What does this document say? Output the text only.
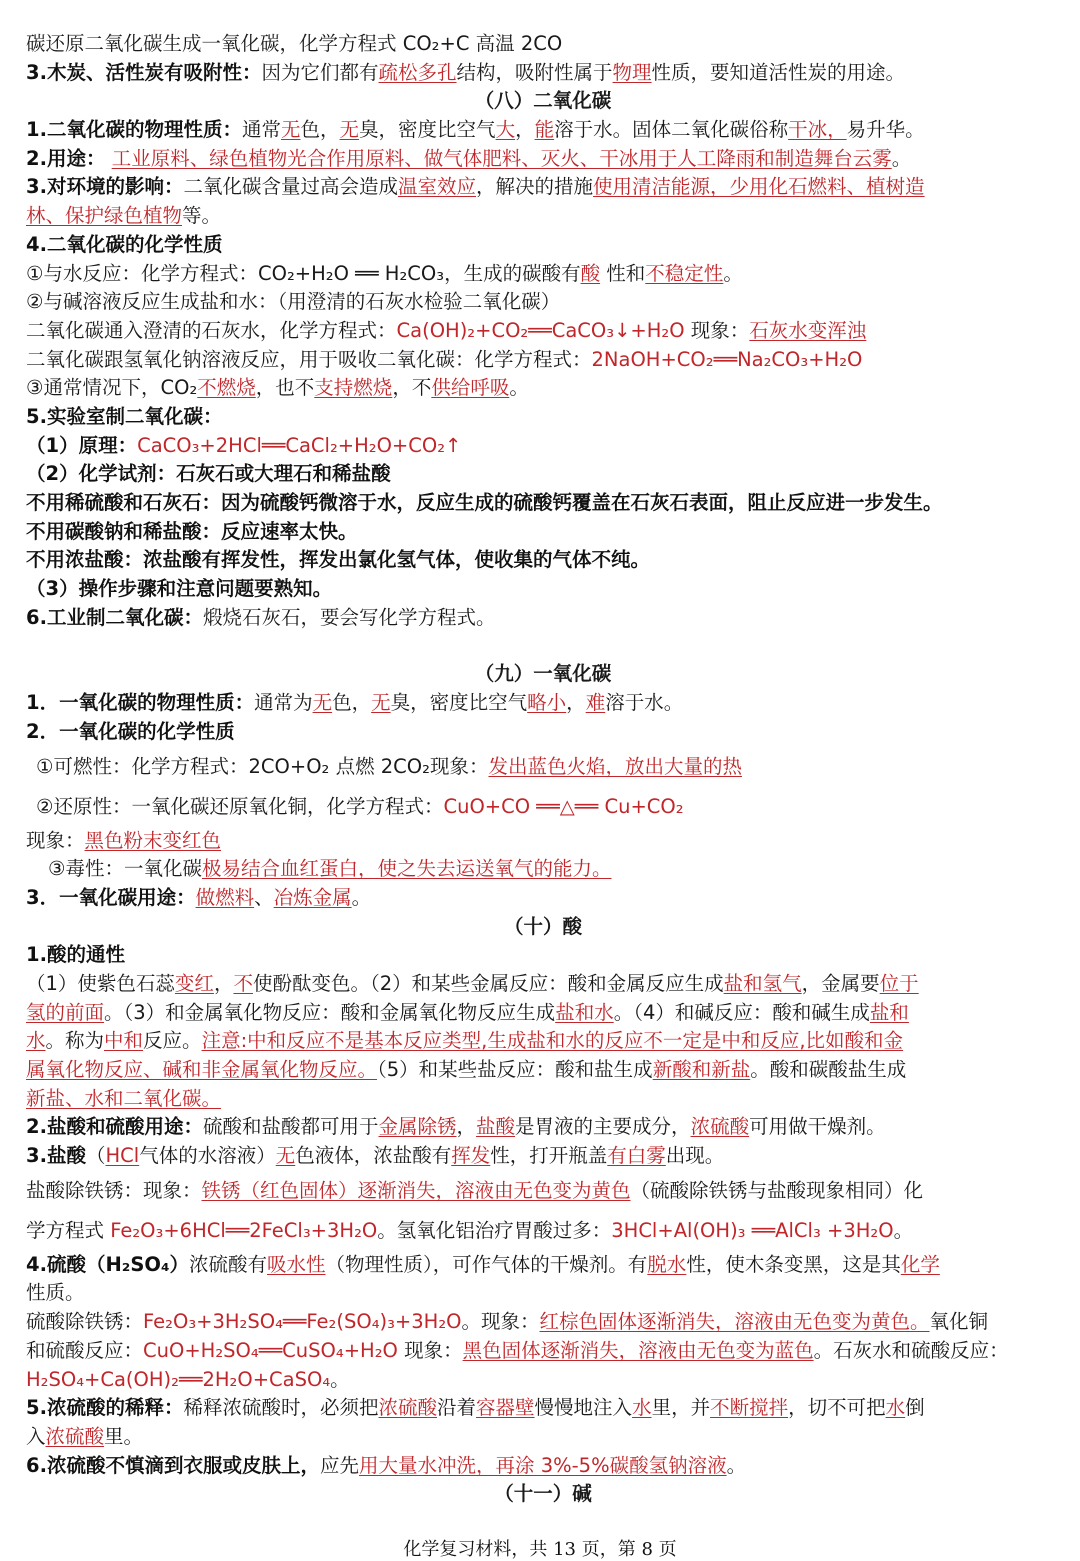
碳还原二氧化碳生成一氧化碳，化学方程式 CO₂+C 高温 2CO
3.木炭、活性炭有吸附性：因为它们都有疏松多孔结构，吸附性属于物理性质，要知道活性炭的用途。
（八）二氧化碳
1.二氧化碳的物理性质：通常无色，无臭，密度比空气大，能溶于水。固体二氧化碳俗称干冰，易升华。
2.用途： 工业原料、绿色植物光合作用原料、做气体肥料、灭火、干冰用于人工降雨和制造舞台云雾。
3.对环境的影响：二氧化碳含量过高会造成温室效应，解决的措施使用清洁能源，少用化石燃料、植树造
林、保护绿色植物等。
4.二氧化碳的化学性质
①与水反应：化学方程式：CO₂+H₂O ══ H₂CO₃，生成的碳酸有酸 性和不稳定性。
②与碱溶液反应生成盐和水：（用澄清的石灰水检验二氧化碳）
二氧化碳通入澄清的石灰水，化学方程式：Ca(OH)₂+CO₂══CaCO₃↓+H₂O 现象：石灰水变浑浊
二氧化碳跟氢氧化钠溶液反应，用于吸收二氧化碳：化学方程式：2NaOH+CO₂══Na₂CO₃+H₂O
③通常情况下，CO₂不燃烧，也不支持燃烧，不供给呼吸。
5.实验室制二氧化碳：
（1）原理：CaCO₃+2HCl══CaCl₂+H₂O+CO₂↑
（2）化学试剂：石灰石或大理石和稀盐酸
不用稀硫酸和石灰石：因为硫酸钙微溶于水，反应生成的硫酸钙覆盖在石灰石表面，阻止反应进一步发生。
不用碳酸钠和稀盐酸：反应速率太快。
不用浓盐酸：浓盐酸有挥发性，挥发出氯化氢气体，使收集的气体不纯。
（3）操作步骤和注意问题要熟知。
6.工业制二氧化碳：煅烧石灰石，要会写化学方程式。
（九）一氧化碳
1．一氧化碳的物理性质：通常为无色，无臭，密度比空气略小，难溶于水。
2．一氧化碳的化学性质
①可燃性：化学方程式：2CO+O₂ 点燃 2CO₂现象：发出蓝色火焰，放出大量的热
②还原性：一氧化碳还原氧化铜，化学方程式：CuO+CO ══△══ Cu+CO₂
现象：黑色粉末变红色
③毒性：一氧化碳极易结合血红蛋白，使之失去运送氧气的能力。
3．一氧化碳用途：做燃料、冶炼金属。
（十）酸
1.酸的通性
（1）使紫色石蕊变红，不使酚酞变色。（2）和某些金属反应：酸和金属反应生成盐和氢气，金属要位于
氢的前面。（3）和金属氧化物反应：酸和金属氧化物反应生成盐和水。（4）和碱反应：酸和碱生成盐和
水。称为中和反应。注意:中和反应不是基本反应类型,生成盐和水的反应不一定是中和反应,比如酸和金
属氧化物反应、碱和非金属氧化物反应。（5）和某些盐反应：酸和盐生成新酸和新盐。酸和碳酸盐生成
新盐、水和二氧化碳。
2.盐酸和硫酸用途：硫酸和盐酸都可用于金属除锈，盐酸是胃液的主要成分，浓硫酸可用做干燥剂。
3.盐酸（HCl气体的水溶液）无色液体，浓盐酸有挥发性，打开瓶盖有白雾出现。
盐酸除铁锈：现象：铁锈（红色固体）逐渐消失，溶液由无色变为黄色（硫酸除铁锈与盐酸现象相同）化
学方程式 Fe₂O₃+6HCl══2FeCl₃+3H₂O。氢氧化铝治疗胃酸过多：3HCl+Al(OH)₃ ══AlCl₃ +3H₂O。
4.硫酸（H₂SO₄）浓硫酸有吸水性（物理性质），可作气体的干燥剂。有脱水性，使木条变黑，这是其化学
性质。
硫酸除铁锈：Fe₂O₃+3H₂SO₄══Fe₂(SO₄)₃+3H₂O。现象：红棕色固体逐渐消失，溶液由无色变为黄色。氧化铜
和硫酸反应：CuO+H₂SO₄══CuSO₄+H₂O 现象：黑色固体逐渐消失，溶液由无色变为蓝色。石灰水和硫酸反应：
H₂SO₄+Ca(OH)₂══2H₂O+CaSO₄。
5.浓硫酸的稀释：稀释浓硫酸时，必须把浓硫酸沿着容器壁慢慢地注入水里，并不断搅拌，切不可把水倒
入浓硫酸里。
6.浓硫酸不慎滴到衣服或皮肤上，应先用大量水冲洗，再涂 3%-5%碳酸氢钠溶液。
（十一）碱
化学复习材料，共 13 页，第 8 页
